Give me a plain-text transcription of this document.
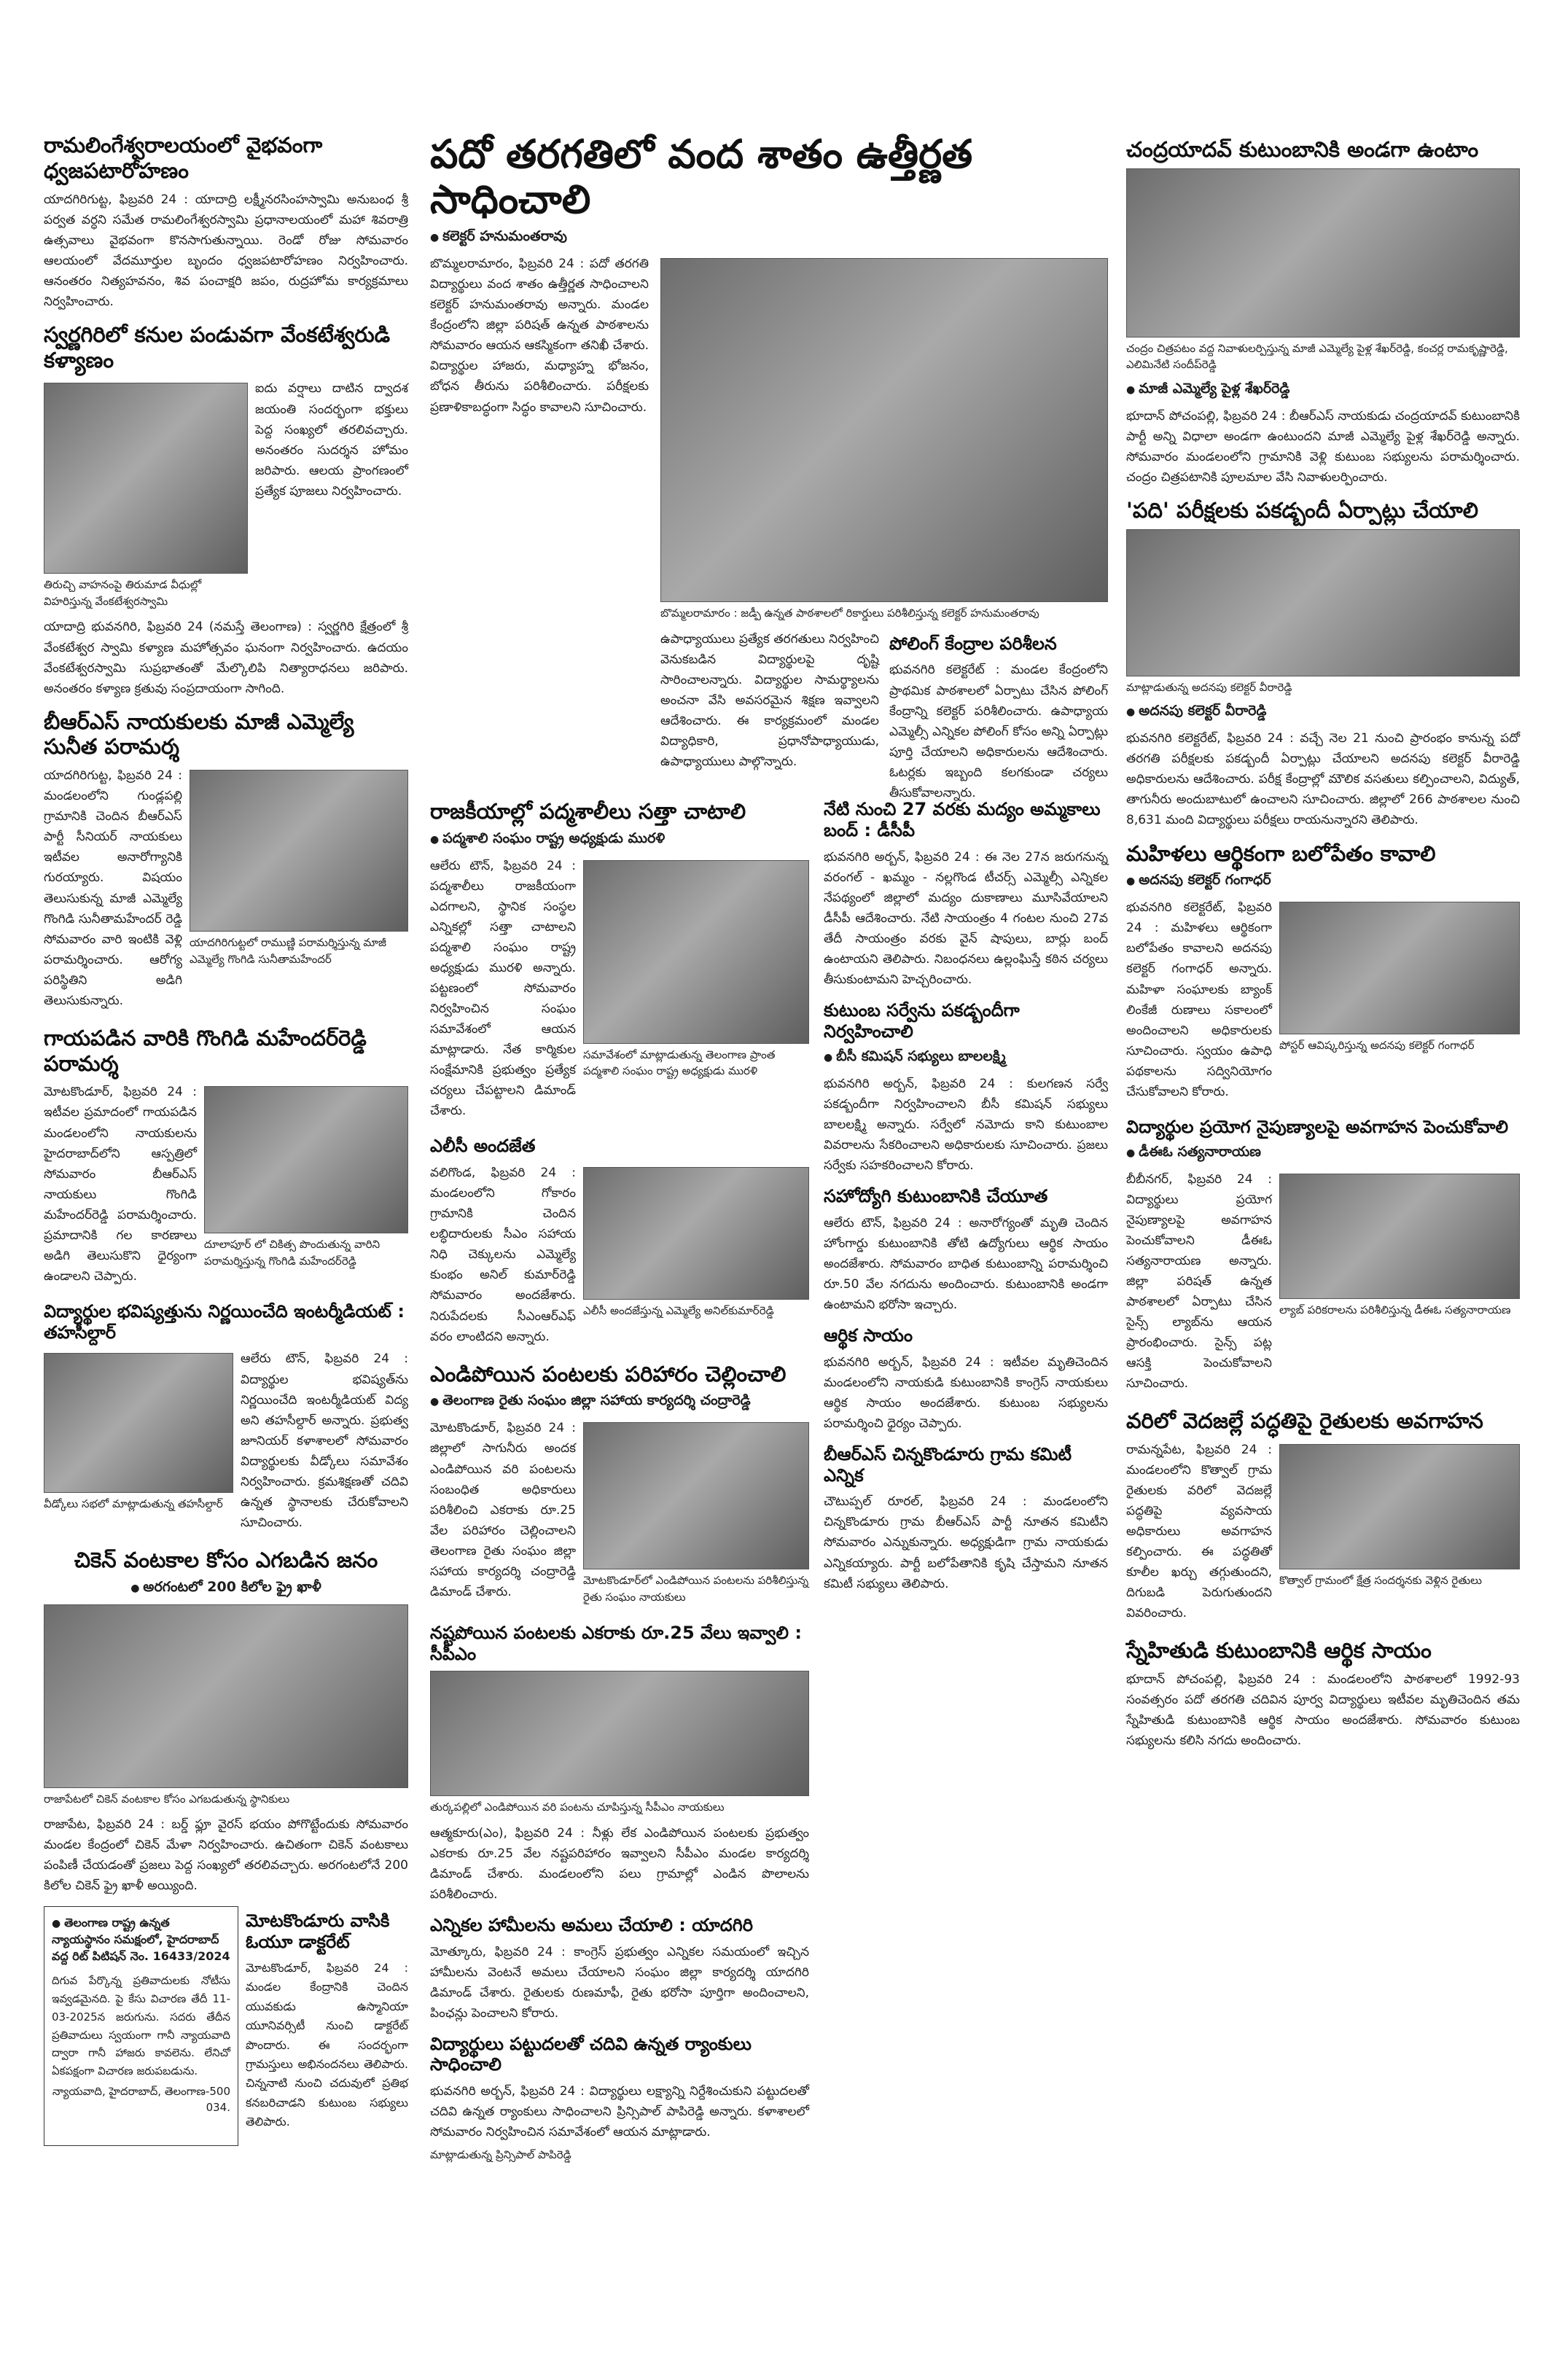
రామలింగేశ్వరాలయంలో వైభవంగా ధ్వజపటారోహణం

యాదగిరిగుట్ట, ఫిబ్రవరి 24 : యాదాద్రి లక్ష్మీనరసింహస్వామి అనుబంధ శ్రీ పర్వత వర్ధని సమేత రామలింగేశ్వరస్వామి ప్రధానాలయంలో మహా శివరాత్రి ఉత్సవాలు వైభవంగా కొనసాగుతున్నాయి. రెండో రోజు సోమవారం ఆలయంలో వేదమూర్తుల బృందం ధ్వజపటారోహణం నిర్వహించారు. ఆనంతరం నిత్యహవనం, శివ పంచాక్షరి జపం, రుద్రహోమ కార్యక్రమాలు నిర్వహించారు.

స్వర్ణగిరిలో కనుల పండువగా వేంకటేశ్వరుడి కళ్యాణం
తిరుచ్చి వాహనంపై తిరుమాడ వీధుల్లో విహరిస్తున్న వేంకటేశ్వరస్వామి

ఐదు వర్షాలు దాటిన ద్వాదశ జయంతి సందర్భంగా భక్తులు పెద్ద సంఖ్యలో తరలివచ్చారు. అనంతరం సుదర్శన హోమం జరిపారు. ఆలయ ప్రాంగణంలో ప్రత్యేక పూజలు నిర్వహించారు.

యాదాద్రి భువనగిరి, ఫిబ్రవరి 24 (నమస్తే తెలంగాణ) : స్వర్ణగిరి క్షేత్రంలో శ్రీ వేంకటేశ్వర స్వామి కళ్యాణ మహోత్సవం ఘనంగా నిర్వహించారు. ఉదయం వేంకటేశ్వరస్వామి సుప్రభాతంతో మేల్కొలిపి నిత్యారాధనలు జరిపారు. అనంతరం కళ్యాణ క్రతువు సంప్రదాయంగా సాగింది.

బీఆర్‌ఎస్ నాయకులకు మాజీ ఎమ్మెల్యే సునీత పరామర్శ

యాదగిరిగుట్ట, ఫిబ్రవరి 24 : మండలంలోని గుండ్లపల్లి గ్రామానికి చెందిన బీఆర్ఎస్ పార్టీ సీనియర్ నాయకులు ఇటీవల అనారోగ్యానికి గురయ్యారు. విషయం తెలుసుకున్న మాజీ ఎమ్మెల్యే గొంగిడి సునీతామహేందర్ రెడ్డి సోమవారం వారి ఇంటికి వెళ్లి పరామర్శించారు. ఆరోగ్య పరిస్థితిని అడిగి తెలుసుకున్నారు.

యాదగిరిగుట్టలో రాముణ్ణి పరామర్శిస్తున్న మాజీ ఎమ్మెల్యే గొంగిడి సునీతామహేందర్
గాయపడిన వారికి గొంగిడి మహేందర్‌రెడ్డి పరామర్శ

మోటకొండూర్, ఫిబ్రవరి 24 : ఇటీవల ప్రమాదంలో గాయపడిన మండలంలోని నాయకులను హైదరాబాద్‌లోని ఆస్పత్రిలో సోమవారం బీఆర్ఎస్ నాయకులు గొంగిడి మహేందర్‌రెడ్డి పరామర్శించారు. ప్రమాదానికి గల కారణాలు అడిగి తెలుసుకొని ధైర్యంగా ఉండాలని చెప్పారు.

దూలాపూర్ లో చికిత్స పొందుతున్న వారిని పరామర్శిస్తున్న గొంగిడి మహేందర్‌రెడ్డి
విద్యార్థుల భవిష్యత్తును నిర్ణయించేది ఇంటర్మీడియట్ : తహసీల్దార్
వీడ్కోలు సభలో మాట్లాడుతున్న తహసీల్దార్

ఆలేరు టౌన్, ఫిబ్రవరి 24 : విద్యార్థుల భవిష్యత్‌ను నిర్ణయించేది ఇంటర్మీడియట్ విద్య అని తహసీల్దార్ అన్నారు. ప్రభుత్వ జూనియర్ కళాశాలలో సోమవారం విద్యార్థులకు వీడ్కోలు సమావేశం నిర్వహించారు. క్రమశిక్షణతో చదివి ఉన్నత స్థానాలకు చేరుకోవాలని సూచించారు.

చికెన్ వంటకాల కోసం ఎగబడిన జనం
● అరగంటలో 200 కిలోల ఫ్రై ఖాళీ
రాజాపేటలో చికెన్ వంటకాల కోసం ఎగబడుతున్న స్థానికులు

రాజాపేట, ఫిబ్రవరి 24 : బర్డ్ ఫ్లూ వైరస్ భయం పోగొట్టేందుకు సోమవారం మండల కేంద్రంలో చికెన్ మేళా నిర్వహించారు. ఉచితంగా చికెన్ వంటకాలు పంపిణీ చేయడంతో ప్రజలు పెద్ద సంఖ్యలో తరలివచ్చారు. అరగంటలోనే 200 కిలోల చికెన్ ఫ్రై ఖాళీ అయ్యింది.

● తెలంగాణ రాష్ట్ర ఉన్నత న్యాయస్థానం సమక్షంలో, హైదరాబాద్ వద్ద రిట్ పిటిషన్ నెం. 16433/2024

దిగువ పేర్కొన్న ప్రతివాదులకు నోటీసు ఇవ్వడమైనది. పై కేసు విచారణ తేదీ 11-03-2025న జరుగును. సదరు తేదీన ప్రతివాదులు స్వయంగా గానీ న్యాయవాది ద్వారా గానీ హాజరు కావలెను. లేనిచో ఏకపక్షంగా విచారణ జరుపబడును.

న్యాయవాది, హైదరాబాద్, తెలంగాణ-500 034.
మోటకొండూరు వాసికి ఓయూ డాక్టరేట్

మోటకొండూర్, ఫిబ్రవరి 24 : మండల కేంద్రానికి చెందిన యువకుడు ఉస్మానియా యూనివర్సిటీ నుంచి డాక్టరేట్ పొందారు. ఈ సందర్భంగా గ్రామస్తులు అభినందనలు తెలిపారు. చిన్ననాటి నుంచి చదువులో ప్రతిభ కనబరిచాడని కుటుంబ సభ్యులు తెలిపారు.

పదో తరగతిలో వంద శాతం ఉత్తీర్ణత సాధించాలి
● కలెక్టర్ హనుమంతరావు

బొమ్మలరామారం, ఫిబ్రవరి 24 : పదో తరగతి విద్యార్థులు వంద శాతం ఉత్తీర్ణత సాధించాలని కలెక్టర్ హనుమంతరావు అన్నారు. మండల కేంద్రంలోని జిల్లా పరిషత్ ఉన్నత పాఠశాలను సోమవారం ఆయన ఆకస్మికంగా తనిఖీ చేశారు. విద్యార్థుల హాజరు, మధ్యాహ్న భోజనం, బోధన తీరును పరిశీలించారు. పరీక్షలకు ప్రణాళికాబద్ధంగా సిద్ధం కావాలని సూచించారు.

బొమ్మలరామారం : జడ్పీ ఉన్నత పాఠశాలలో రికార్డులు పరిశీలిస్తున్న కలెక్టర్ హనుమంతరావు

ఉపాధ్యాయులు ప్రత్యేక తరగతులు నిర్వహించి వెనుకబడిన విద్యార్థులపై దృష్టి సారించాలన్నారు. విద్యార్థుల సామర్థ్యాలను అంచనా వేసి అవసరమైన శిక్షణ ఇవ్వాలని ఆదేశించారు. ఈ కార్యక్రమంలో మండల విద్యాధికారి, ప్రధానోపాధ్యాయుడు, ఉపాధ్యాయులు పాల్గొన్నారు.

పోలింగ్ కేంద్రాల పరిశీలన

భువనగిరి కలెక్టరేట్ : మండల కేంద్రంలోని ప్రాథమిక పాఠశాలలో ఏర్పాటు చేసిన పోలింగ్ కేంద్రాన్ని కలెక్టర్ పరిశీలించారు. ఉపాధ్యాయ ఎమ్మెల్సీ ఎన్నికల పోలింగ్ కోసం అన్ని ఏర్పాట్లు పూర్తి చేయాలని అధికారులను ఆదేశించారు. ఓటర్లకు ఇబ్బంది కలగకుండా చర్యలు తీసుకోవాలన్నారు.

రాజకీయాల్లో పద్మశాలీలు సత్తా చాటాలి
● పద్మశాలి సంఘం రాష్ట్ర అధ్యక్షుడు మురళి

ఆలేరు టౌన్, ఫిబ్రవరి 24 : పద్మశాలీలు రాజకీయంగా ఎదగాలని, స్థానిక సంస్థల ఎన్నికల్లో సత్తా చాటాలని పద్మశాలి సంఘం రాష్ట్ర అధ్యక్షుడు మురళి అన్నారు. పట్టణంలో సోమవారం నిర్వహించిన సంఘం సమావేశంలో ఆయన మాట్లాడారు. నేత కార్మికుల సంక్షేమానికి ప్రభుత్వం ప్రత్యేక చర్యలు చేపట్టాలని డిమాండ్ చేశారు.

సమావేశంలో మాట్లాడుతున్న తెలంగాణ ప్రాంత పద్మశాలి సంఘం రాష్ట్ర అధ్యక్షుడు మురళి
ఎలీసీ అందజేత

వలిగొండ, ఫిబ్రవరి 24 : మండలంలోని గోకారం గ్రామానికి చెందిన లబ్ధిదారులకు సీఎం సహాయ నిధి చెక్కులను ఎమ్మెల్యే కుంభం అనిల్ కుమార్‌రెడ్డి సోమవారం అందజేశారు. నిరుపేదలకు సీఎంఆర్ఎఫ్ వరం లాంటిదని అన్నారు.

ఎలీసీ అందజేస్తున్న ఎమ్మెల్యే అనిల్‌కుమార్‌రెడ్డి
ఎండిపోయిన పంటలకు పరిహారం చెల్లించాలి
● తెలంగాణ రైతు సంఘం జిల్లా సహాయ కార్యదర్శి చంద్రారెడ్డి

మోటకొండూర్, ఫిబ్రవరి 24 : జిల్లాలో సాగునీరు అందక ఎండిపోయిన వరి పంటలను సంబంధిత అధికారులు పరిశీలించి ఎకరాకు రూ.25 వేల పరిహారం చెల్లించాలని తెలంగాణ రైతు సంఘం జిల్లా సహాయ కార్యదర్శి చంద్రారెడ్డి డిమాండ్ చేశారు.

మోటకొండూర్‌లో ఎండిపోయిన పంటలను పరిశీలిస్తున్న రైతు సంఘం నాయకులు
నష్టపోయిన పంటలకు ఎకరాకు రూ.25 వేలు ఇవ్వాలి : సీపీఎం
తుర్కపల్లిలో ఎండిపోయిన వరి పంటను చూపిస్తున్న సీపీఎం నాయకులు

ఆత్మకూరు(ఎం), ఫిబ్రవరి 24 : నీళ్లు లేక ఎండిపోయిన పంటలకు ప్రభుత్వం ఎకరాకు రూ.25 వేల నష్టపరిహారం ఇవ్వాలని సీపీఎం మండల కార్యదర్శి డిమాండ్ చేశారు. మండలంలోని పలు గ్రామాల్లో ఎండిన పొలాలను పరిశీలించారు.

ఎన్నికల హామీలను అమలు చేయాలి : యాదగిరి

మోత్కూరు, ఫిబ్రవరి 24 : కాంగ్రెస్ ప్రభుత్వం ఎన్నికల సమయంలో ఇచ్చిన హామీలను వెంటనే అమలు చేయాలని సంఘం జిల్లా కార్యదర్శి యాదగిరి డిమాండ్ చేశారు. రైతులకు రుణమాఫీ, రైతు భరోసా పూర్తిగా అందించాలని, పింఛన్లు పెంచాలని కోరారు.

విద్యార్థులు పట్టుదలతో చదివి ఉన్నత ర్యాంకులు సాధించాలి

భువనగిరి అర్బన్, ఫిబ్రవరి 24 : విద్యార్థులు లక్ష్యాన్ని నిర్దేశించుకుని పట్టుదలతో చదివి ఉన్నత ర్యాంకులు సాధించాలని ప్రిన్సిపాల్ పాపిరెడ్డి అన్నారు. కళాశాలలో సోమవారం నిర్వహించిన సమావేశంలో ఆయన మాట్లాడారు.

మాట్లాడుతున్న ప్రిన్సిపాల్ పాపిరెడ్డి
నేటి నుంచి 27 వరకు మద్యం అమ్మకాలు బంద్ : డీసీపీ

భువనగిరి అర్బన్, ఫిబ్రవరి 24 : ఈ నెల 27న జరుగనున్న వరంగల్ - ఖమ్మం - నల్లగొండ టీచర్స్ ఎమ్మెల్సీ ఎన్నికల నేపథ్యంలో జిల్లాలో మద్యం దుకాణాలు మూసివేయాలని డీసీపీ ఆదేశించారు. నేటి సాయంత్రం 4 గంటల నుంచి 27వ తేదీ సాయంత్రం వరకు వైన్ షాపులు, బార్లు బంద్ ఉంటాయని తెలిపారు. నిబంధనలు ఉల్లంఘిస్తే కఠిన చర్యలు తీసుకుంటామని హెచ్చరించారు.

కుటుంబ సర్వేను పకడ్బందీగా నిర్వహించాలి
● బీసీ కమిషన్ సభ్యులు బాలలక్ష్మి

భువనగిరి అర్బన్, ఫిబ్రవరి 24 : కులగణన సర్వే పకడ్బందీగా నిర్వహించాలని బీసీ కమిషన్ సభ్యులు బాలలక్ష్మి అన్నారు. సర్వేలో నమోదు కాని కుటుంబాల వివరాలను సేకరించాలని అధికారులకు సూచించారు. ప్రజలు సర్వేకు సహకరించాలని కోరారు.

సహోద్యోగి కుటుంబానికి చేయూత

ఆలేరు టౌన్, ఫిబ్రవరి 24 : అనారోగ్యంతో మృతి చెందిన హోంగార్డు కుటుంబానికి తోటి ఉద్యోగులు ఆర్థిక సాయం అందజేశారు. సోమవారం బాధిత కుటుంబాన్ని పరామర్శించి రూ.50 వేల నగదును అందించారు. కుటుంబానికి అండగా ఉంటామని భరోసా ఇచ్చారు.

ఆర్థిక సాయం

భువనగిరి అర్బన్, ఫిబ్రవరి 24 : ఇటీవల మృతిచెందిన మండలంలోని నాయకుడి కుటుంబానికి కాంగ్రెస్ నాయకులు ఆర్థిక సాయం అందజేశారు. కుటుంబ సభ్యులను పరామర్శించి ధైర్యం చెప్పారు.

బీఆర్‌ఎస్ చిన్నకొండూరు గ్రామ కమిటీ ఎన్నిక

చౌటుప్పల్ రూరల్, ఫిబ్రవరి 24 : మండలంలోని చిన్నకొండూరు గ్రామ బీఆర్ఎస్ పార్టీ నూతన కమిటీని సోమవారం ఎన్నుకున్నారు. అధ్యక్షుడిగా గ్రామ నాయకుడు ఎన్నికయ్యారు. పార్టీ బలోపేతానికి కృషి చేస్తామని నూతన కమిటీ సభ్యులు తెలిపారు.

చంద్రయాదవ్ కుటుంబానికి అండగా ఉంటాం
చంద్రం చిత్రపటం వద్ద నివాళులర్పిస్తున్న మాజీ ఎమ్మెల్యే పైళ్ల శేఖర్‌రెడ్డి, కంచర్ల రామకృష్ణారెడ్డి, ఎలిమినేటి సందీప్‌రెడ్డి
● మాజీ ఎమ్మెల్యే పైళ్ల శేఖర్‌రెడ్డి

భూదాన్ పోచంపల్లి, ఫిబ్రవరి 24 : బీఆర్ఎస్ నాయకుడు చంద్రయాదవ్ కుటుంబానికి పార్టీ అన్ని విధాలా అండగా ఉంటుందని మాజీ ఎమ్మెల్యే పైళ్ల శేఖర్‌రెడ్డి అన్నారు. సోమవారం మండలంలోని గ్రామానికి వెళ్లి కుటుంబ సభ్యులను పరామర్శించారు. చంద్రం చిత్రపటానికి పూలమాల వేసి నివాళులర్పించారు.

'పది' పరీక్షలకు పకడ్బందీ ఏర్పాట్లు చేయాలి
మాట్లాడుతున్న అదనపు కలెక్టర్ వీరారెడ్డి
● అదనపు కలెక్టర్ వీరారెడ్డి

భువనగిరి కలెక్టరేట్, ఫిబ్రవరి 24 : వచ్చే నెల 21 నుంచి ప్రారంభం కానున్న పదో తరగతి పరీక్షలకు పకడ్బందీ ఏర్పాట్లు చేయాలని అదనపు కలెక్టర్ వీరారెడ్డి అధికారులను ఆదేశించారు. పరీక్ష కేంద్రాల్లో మౌలిక వసతులు కల్పించాలని, విద్యుత్, తాగునీరు అందుబాటులో ఉంచాలని సూచించారు. జిల్లాలో 266 పాఠశాలల నుంచి 8,631 మంది విద్యార్థులు పరీక్షలు రాయనున్నారని తెలిపారు.

మహిళలు ఆర్థికంగా బలోపేతం కావాలి
● అదనపు కలెక్టర్ గంగాధర్

భువనగిరి కలెక్టరేట్, ఫిబ్రవరి 24 : మహిళలు ఆర్థికంగా బలోపేతం కావాలని అదనపు కలెక్టర్ గంగాధర్ అన్నారు. మహిళా సంఘాలకు బ్యాంక్ లింకేజీ రుణాలు సకాలంలో అందించాలని అధికారులకు సూచించారు. స్వయం ఉపాధి పథకాలను సద్వినియోగం చేసుకోవాలని కోరారు.

పోస్టర్ ఆవిష్కరిస్తున్న అదనపు కలెక్టర్ గంగాధర్
విద్యార్థుల ప్రయోగ నైపుణ్యాలపై అవగాహన పెంచుకోవాలి
● డీఈఓ సత్యనారాయణ

బీబీనగర్, ఫిబ్రవరి 24 : విద్యార్థులు ప్రయోగ నైపుణ్యాలపై అవగాహన పెంచుకోవాలని డీఈఓ సత్యనారాయణ అన్నారు. జిల్లా పరిషత్ ఉన్నత పాఠశాలలో ఏర్పాటు చేసిన సైన్స్ ల్యాబ్‌ను ఆయన ప్రారంభించారు. సైన్స్ పట్ల ఆసక్తి పెంచుకోవాలని సూచించారు.

ల్యాబ్ పరికరాలను పరిశీలిస్తున్న డీఈఓ సత్యనారాయణ
వరిలో వెదజల్లే పద్ధతిపై రైతులకు అవగాహన

రామన్నపేట, ఫిబ్రవరి 24 : మండలంలోని కొత్వాల్ గ్రామ రైతులకు వరిలో వెదజల్లే పద్ధతిపై వ్యవసాయ అధికారులు అవగాహన కల్పించారు. ఈ పద్ధతితో కూలీల ఖర్చు తగ్గుతుందని, దిగుబడి పెరుగుతుందని వివరించారు.

కొత్వాల్ గ్రామంలో క్షేత్ర సందర్శనకు వెళ్లిన రైతులు
స్నేహితుడి కుటుంబానికి ఆర్థిక సాయం

భూదాన్ పోచంపల్లి, ఫిబ్రవరి 24 : మండలంలోని పాఠశాలలో 1992-93 సంవత్సరం పదో తరగతి చదివిన పూర్వ విద్యార్థులు ఇటీవల మృతిచెందిన తమ స్నేహితుడి కుటుంబానికి ఆర్థిక సాయం అందజేశారు. సోమవారం కుటుంబ సభ్యులను కలిసి నగదు అందించారు.
